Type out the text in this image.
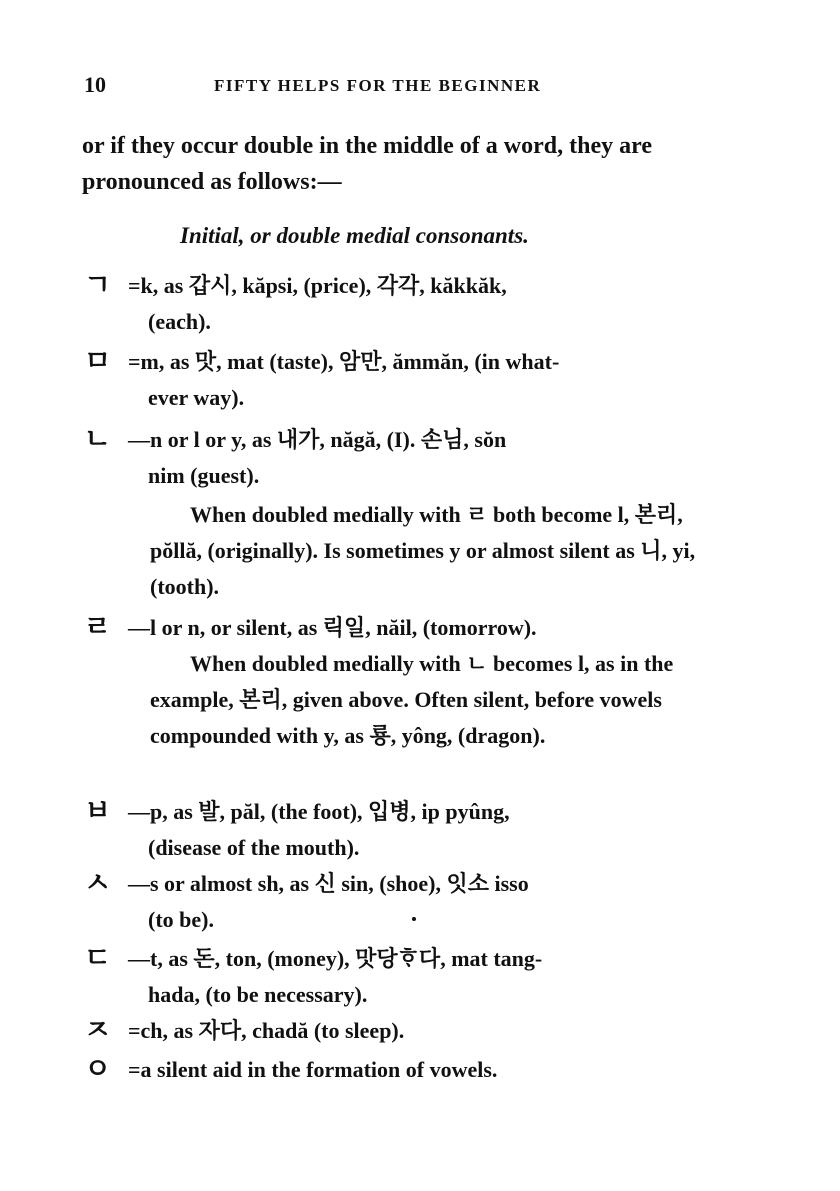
10	FIFTY HELPS FOR THE BEGINNER
or if they occur double in the middle of a word, they are pronounced as follows:—
Initial, or double medial consonants.
ㄱ =k, as 갑시, kăpsi, (price), 각각, kăkkăk,
(each).
ㅁ =m, as 맛, mat (taste), 암만, ămmăn, (in what-
ever way).
ㄴ —n or l or y, as 내가, năgă, (I). 손님, sŏn
nim (guest).
When doubled medially with ㄹ both become l, 본리, pŏllă, (originally). Is sometimes y or almost silent as 니, yi, (tooth).
ㄹ —l or n, or silent, as 릭일, năil, (tomorrow).
When doubled medially with ㄴ becomes l, as in the example, 본리, given above. Often silent, before vowels compounded with y, as 룡, yông, (dragon).
ㅂ —p, as 발, păl, (the foot), 입병, ip pyûng,
(disease of the mouth).
ㅅ —s or almost sh, as 신 sin, (shoe), 잇소 isso
(to be).
ㄷ —t, as 돈, ton, (money), 맛당ᄒᆞ다, mat tang-
hada, (to be necessary).
ㅈ =ch, as 자다, chadă (to sleep).
ㅇ =a silent aid in the formation of vowels.
